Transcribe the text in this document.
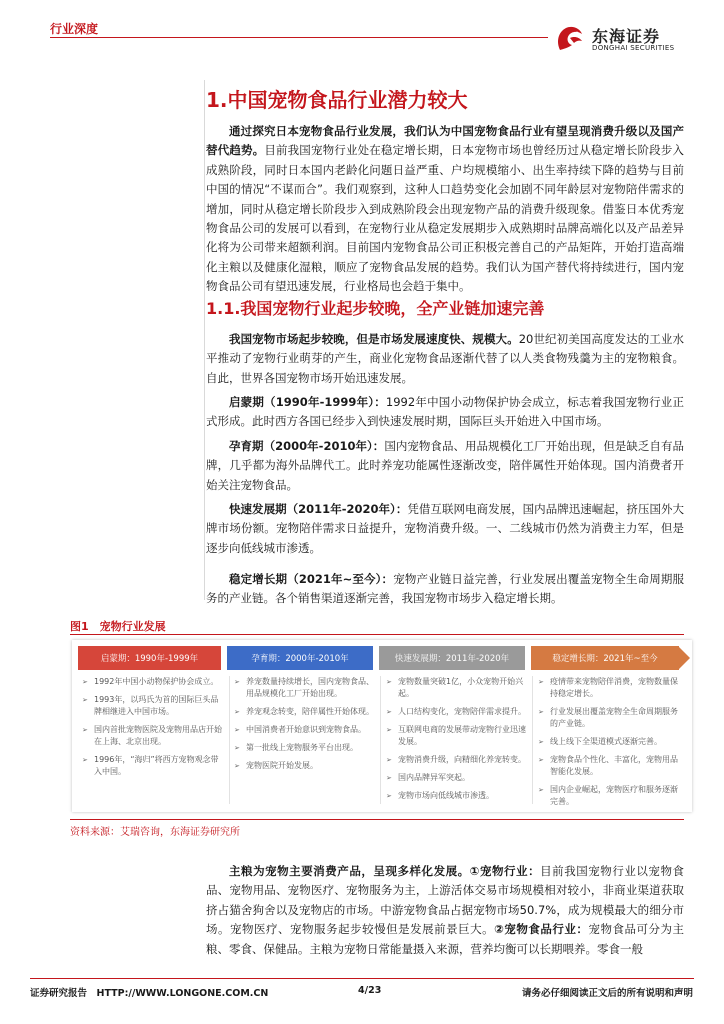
行业深度	东海证券
DONGHAI SECURITIES
1.中国宠物食品行业潜力较大
通过探究日本宠物食品行业发展，我们认为中国宠物食品行业有望呈现消费升级以及国产替代趋势。目前我国宠物行业处在稳定增长期，日本宠物市场也曾经历过从稳定增长阶段步入成熟阶段，同时日本国内老龄化问题日益严重、户均规模缩小、出生率持续下降的趋势与目前中国的情况“不谋而合”。我们观察到，这种人口趋势变化会加剧不同年龄层对宠物陪伴需求的增加，同时从稳定增长阶段步入到成熟阶段会出现宠物产品的消费升级现象。借鉴日本优秀宠物食品公司的发展可以看到，在宠物行业从稳定发展期步入成熟期时品牌高端化以及产品差异化将为公司带来超额利润。目前国内宠物食品公司正积极完善自己的产品矩阵，开始打造高端化主粮以及健康化湿粮，顺应了宠物食品发展的趋势。我们认为国产替代将持续进行，国内宠物食品公司有望迅速发展，行业格局也会趋于集中。
1.1.我国宠物行业起步较晚，全产业链加速完善
我国宠物市场起步较晚，但是市场发展速度快、规模大。20世纪初美国高度发达的工业水平推动了宠物行业萌芽的产生，商业化宠物食品逐渐代替了以人类食物残羹为主的宠物粮食。自此，世界各国宠物市场开始迅速发展。
启蒙期（1990年-1999年）：1992年中国小动物保护协会成立，标志着我国宠物行业正式形成。此时西方各国已经步入到快速发展时期，国际巨头开始进入中国市场。
孕育期（2000年-2010年）：国内宠物食品、用品规模化工厂开始出现，但是缺乏自有品牌，几乎都为海外品牌代工。此时养宠功能属性逐渐改变，陪伴属性开始体现。国内消费者开始关注宠物食品。
快速发展期（2011年-2020年）：凭借互联网电商发展，国内品牌迅速崛起，挤压国外大牌市场份额。宠物陪伴需求日益提升，宠物消费升级。一、二线城市仍然为消费主力军，但是逐步向低线城市渗透。
稳定增长期（2021年~至今）：宠物产业链日益完善，行业发展出覆盖宠物全生命周期服务的产业链。各个销售渠道逐渐完善，我国宠物市场步入稳定增长期。
图1　宠物行业发展
启蒙期：1990年-1999年
➢ 1992年中国小动物保护协会成立。
➢ 1993年，以玛氏为首的国际巨头品牌相继进入中国市场。
➢ 国内首批宠物医院及宠物用品店开始在上海、北京出现。
➢ 1996年，“海归”将西方宠物观念带入中国。
孕育期：2000年-2010年
➢ 养宠数量持续增长，国内宠物食品、用品规模化工厂开始出现。
➢ 养宠观念转变，陪伴属性开始体现。
➢ 中国消费者开始意识到宠物食品。
➢ 第一批线上宠物服务平台出现。
➢ 宠物医院开始发展。
快速发展期：2011年-2020年
➢ 宠物数量突破1亿，小众宠物开始兴起。
➢ 人口结构变化，宠物陪伴需求提升。
➢ 互联网电商的发展带动宠物行业迅速发展。
➢ 宠物消费升级，向精细化养宠转变。
➢ 国内品牌异军突起。
➢ 宠物市场向低线城市渗透。
稳定增长期：2021年~至今
➢ 疫情带来宠物陪伴消费，宠物数量保持稳定增长。
➢ 行业发展出覆盖宠物全生命周期服务的产业链。
➢ 线上线下全渠道模式逐渐完善。
➢ 宠物食品个性化、丰富化，宠物用品智能化发展。
➢ 国内企业崛起，宠物医疗和服务逐渐完善。
资料来源：艾瑞咨询，东海证券研究所
主粮为宠物主要消费产品，呈现多样化发展。①宠物行业：目前我国宠物行业以宠物食品、宠物用品、宠物医疗、宠物服务为主，上游活体交易市场规模相对较小，非商业渠道获取挤占猫舍狗舍以及宠物店的市场。中游宠物食品占据宠物市场50.7%，成为规模最大的细分市场。宠物医疗、宠物服务起步较慢但是发展前景巨大。②宠物食品行业：宠物食品可分为主粮、零食、保健品。主粮为宠物日常能量摄入来源，营养均衡可以长期喂养。零食一般
证券研究报告　HTTP://WWW.LONGONE.COM.CN	4/23	请务必仔细阅读正文后的所有说明和声明
